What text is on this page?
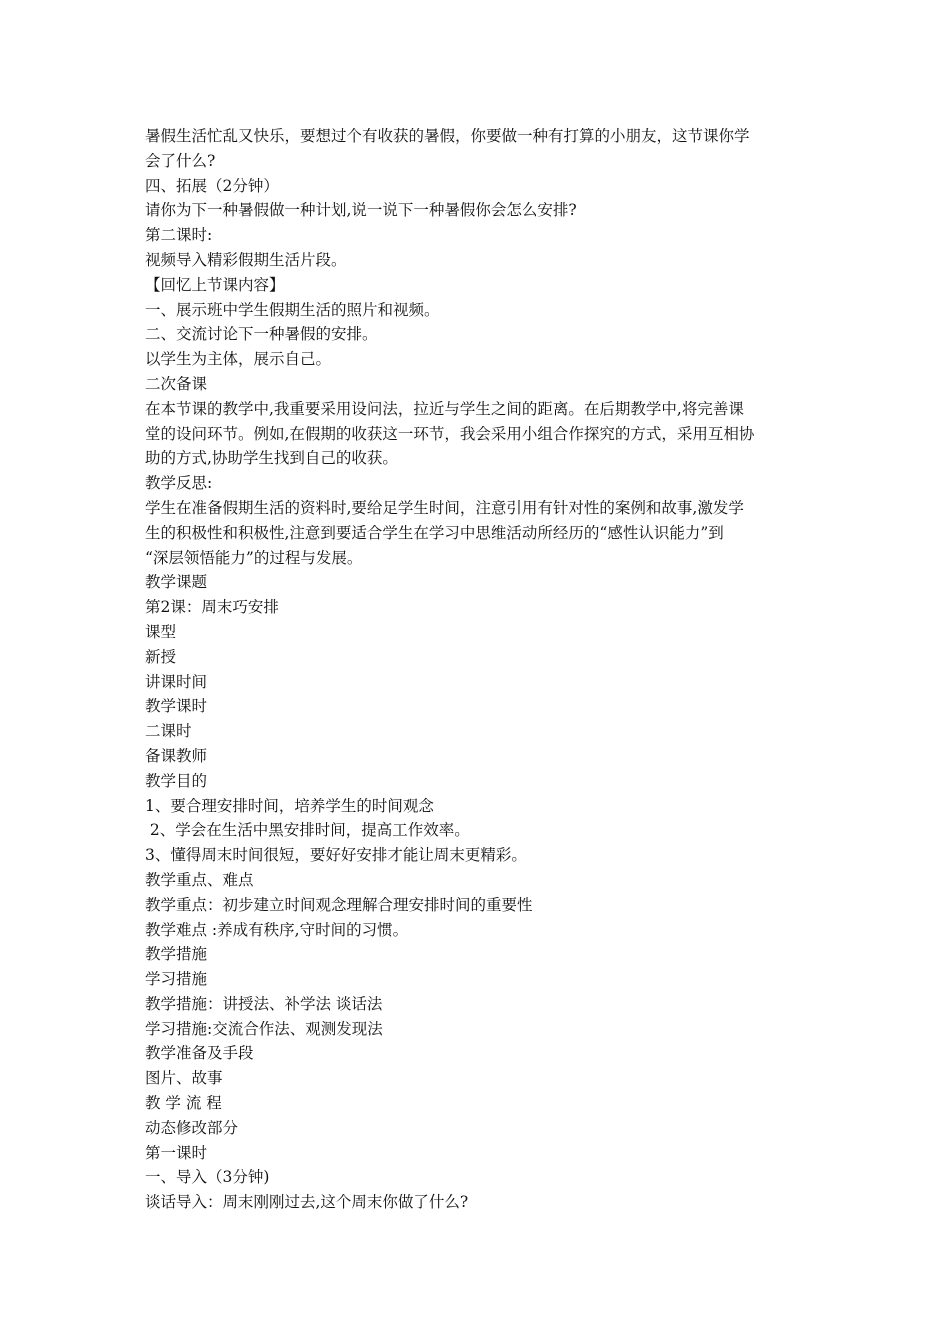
暑假生活忙乱又快乐，要想过个有收获的暑假，你要做一种有打算的小朋友，这节课你学
会了什么?
四、拓展（2分钟）
请你为下一种暑假做一种计划,说一说下一种暑假你会怎么安排?
第二课时:
视频导入精彩假期生活片段。
【回忆上节课内容】
一、展示班中学生假期生活的照片和视频。
二、交流讨论下一种暑假的安排。
以学生为主体，展示自己。
二次备课
在本节课的教学中,我重要采用设问法，拉近与学生之间的距离。在后期教学中,将完善课
堂的设问环节。例如,在假期的收获这一环节，我会采用小组合作探究的方式，采用互相协
助的方式,协助学生找到自己的收获。
教学反思:
学生在准备假期生活的资料时,要给足学生时间，注意引用有针对性的案例和故事,激发学
生的积极性和积极性,注意到要适合学生在学习中思维活动所经历的“感性认识能力”到
“深层领悟能力”的过程与发展。
教学课题
第2课：周末巧安排
课型
新授
讲课时间
教学课时
二课时
备课教师
教学目的
1、要合理安排时间，培养学生的时间观念
2、学会在生活中黑安排时间，提高工作效率。
3、懂得周末时间很短，要好好安排才能让周末更精彩。
教学重点、难点
教学重点：初步建立时间观念理解合理安排时间的重要性
教学难点 :养成有秩序,守时间的习惯。
教学措施
学习措施
教学措施：讲授法、补学法 谈话法
学习措施:交流合作法、观测发现法
教学准备及手段
图片、故事
教 学 流 程
动态修改部分
第一课时
一、导入（3分钟)
谈话导入：周末刚刚过去,这个周末你做了什么?
